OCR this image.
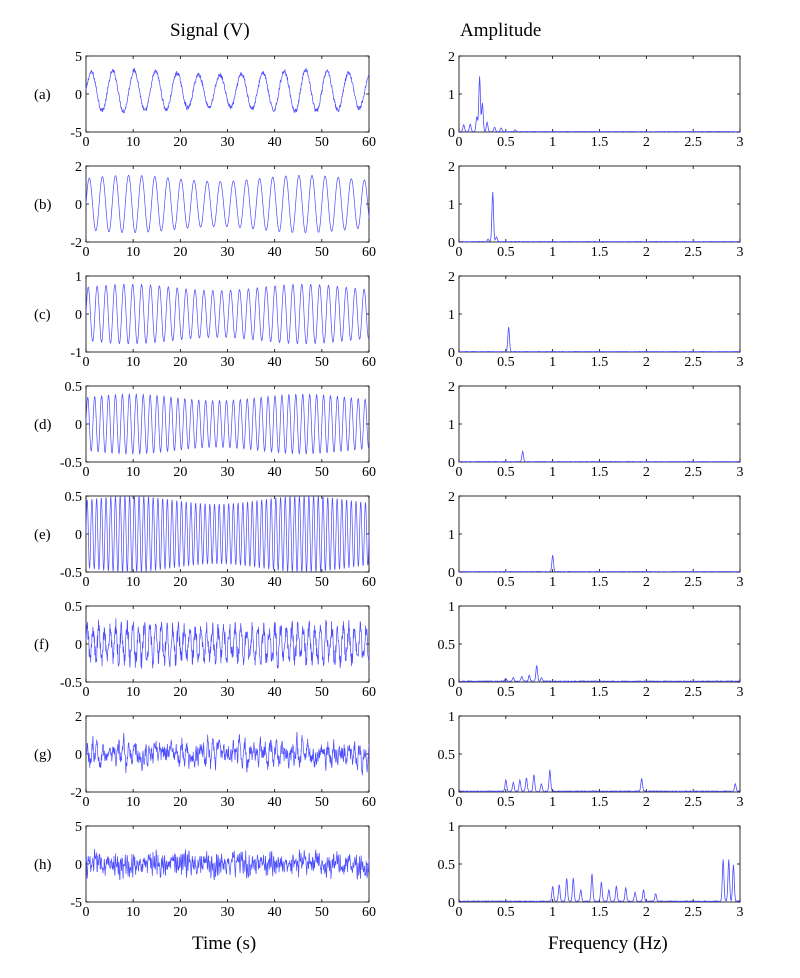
Signal (V)	Amplitude
Time (s)	Frequency (Hz)
0	10 20 30 40 50 60
-5
0
5
(a)
0	10 20 30 40 50 60
-2
0
2
(b)
0	10 20 30 40 50 60
-1
0
1
(c)
0	10 20 30 40 50 60
-0.5
0
0.5
(d)
0	10 20 30 40 50 60
-0.5
0
0.5
(e)
0	10 20 30 40 50 60
-0.5
0
0.5
(f)
0	10 20 30 40 50 60
-2
0
2
(g)
0	10 20 30 40 50 60
-5
0
5
(h)
0 0.5 1 1.5 2 2.5 3
0
1
2
0 0.5 1 1.5 2 2.5 3
0
1
2
0 0.5 1 1.5 2 2.5 3
0
1
2
0 0.5 1 1.5 2 2.5 3
0
1
2
0 0.5 1 1.5 2 2.5 3
0
1
2
0 0.5 1 1.5 2 2.5 3
0
0.5
1
0 0.5 1 1.5 2 2.5 3
0
0.5
1
0 0.5 1 1.5 2 2.5 3
0
0.5
1
